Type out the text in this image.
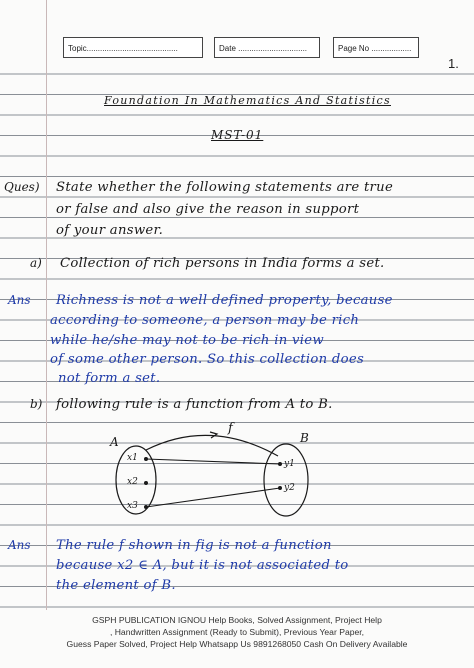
Topic.........................................	Date ...............................	Page No ..................
1.
Foundation In Mathematics And Statistics
MST-01
Ques) State whether the following statements are true
or false and also give the reason in support
of your answer.
a) Collection of rich persons in India forms a set.
Ans Richness is not a well defined property, because
according to someone, a person may be rich
while he/she may not to be rich in view
of some other person. So this collection does
not form a set.
b) following rule is a function from A to B.
A	B
f
x1
x2
x3
y1
y2
Ans The rule f shown in fig is not a function
because x2 ∈ A, but it is not associated to
the element of B.
GSPH PUBLICATION IGNOU Help Books, Solved Assignment, Project Help
, Handwritten Assignment (Ready to Submit), Previous Year Paper,
Guess Paper Solved, Project Help Whatsapp Us 9891268050 Cash On Delivery Available
